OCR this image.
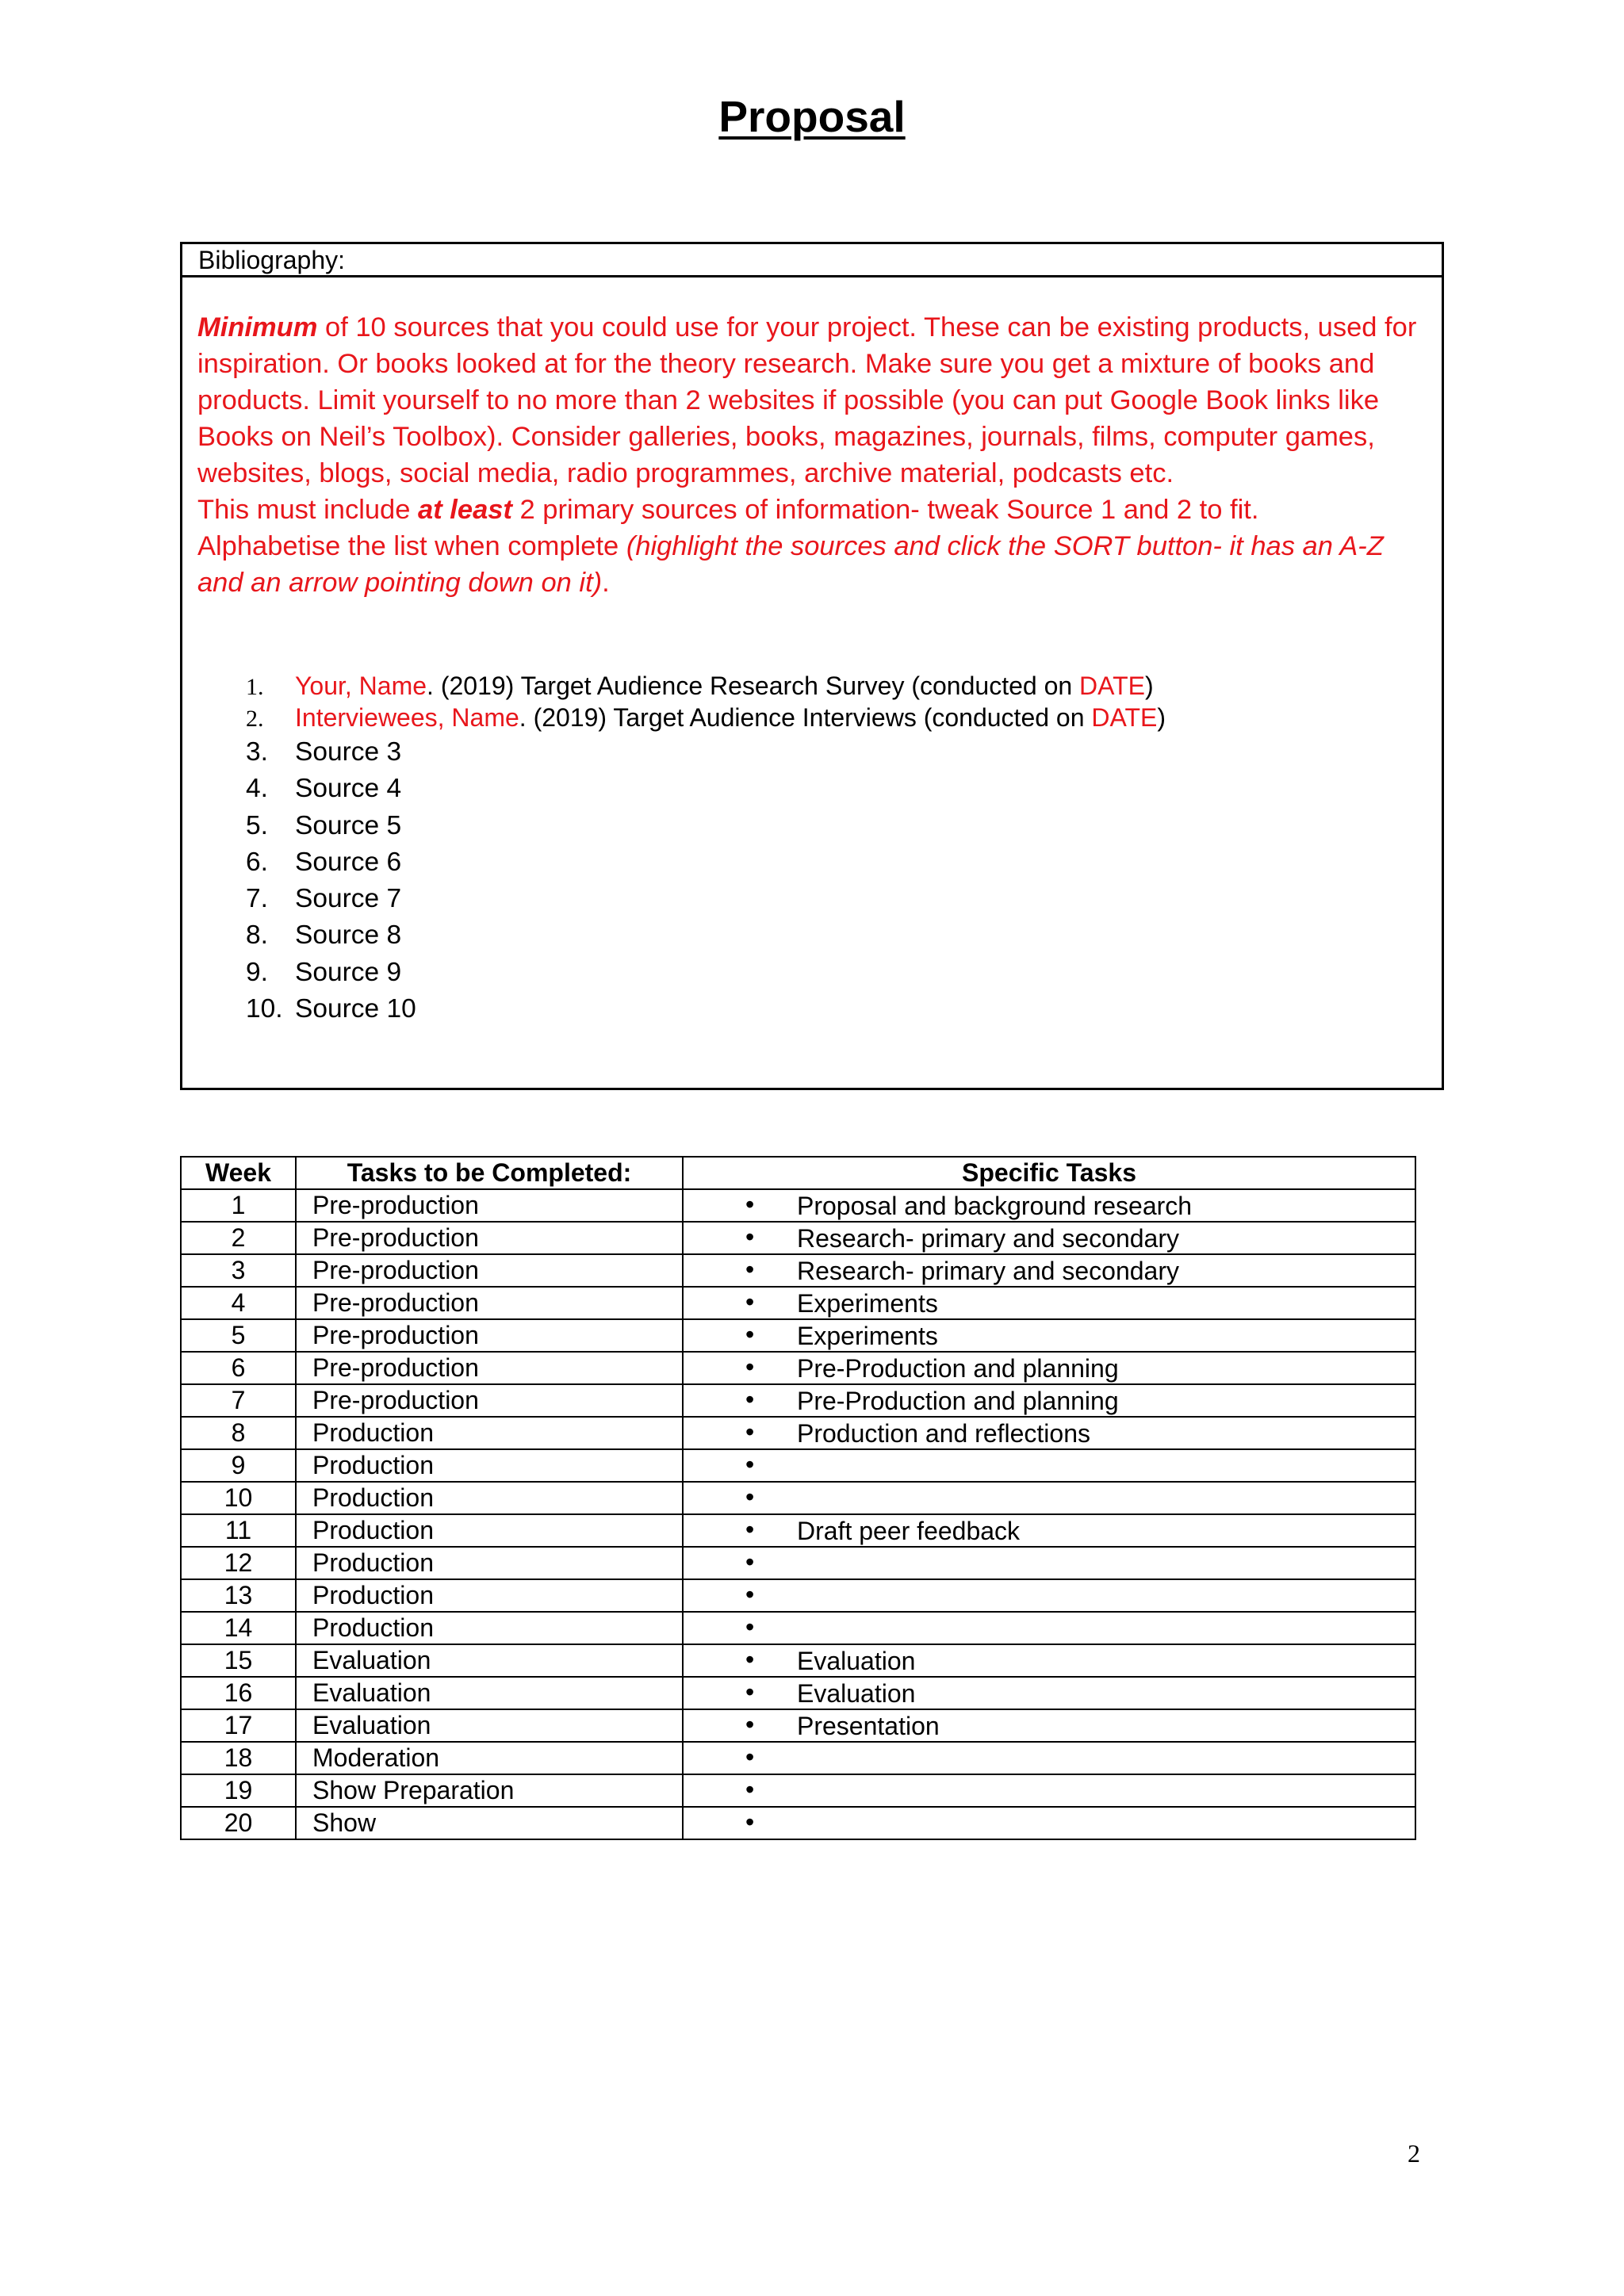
Proposal
Bibliography:

Minimum of 10 sources that you could use for your project. These can be existing products, used for inspiration. Or books looked at for the theory research. Make sure you get a mixture of books and products. Limit yourself to no more than 2 websites if possible (you can put Google Book links like Books on Neil’s Toolbox). Consider galleries, books, magazines, journals, films, computer games, websites, blogs, social media, radio programmes, archive material, podcasts etc.

This must include at least 2 primary sources of information- tweak Source 1 and 2 to fit.

Alphabetise the list when complete (highlight the sources and click the SORT button- it has an A-Z and an arrow pointing down on it).

1.	Your, Name. (2019) Target Audience Research Survey (conducted on DATE)
2.	Interviewees, Name. (2019) Target Audience Interviews (conducted on DATE)
3.	Source 3
4.	Source 4
5.	Source 5
6.	Source 6
7.	Source 7
8.	Source 8
9.	Source 9
10. Source 10
Week	Tasks to be Completed:	Specific Tasks
1	Pre-production	• Proposal and background research

2	Pre-production	• Research- primary and secondary

3	Pre-production	• Research- primary and secondary

4	Pre-production	• Experiments

5	Pre-production	• Experiments

6	Pre-production	• Pre-Production and planning

7	Pre-production	• Pre-Production and planning

8	Production	• Production and reflections

9	Production	•

10	Production	•

11	Production	• Draft peer feedback

12	Production	•

13	Production	•

14	Production	•

15	Evaluation	• Evaluation

16	Evaluation	• Evaluation

17	Evaluation	• Presentation

18	Moderation	•

19	Show Preparation	•

20	Show	•
2
